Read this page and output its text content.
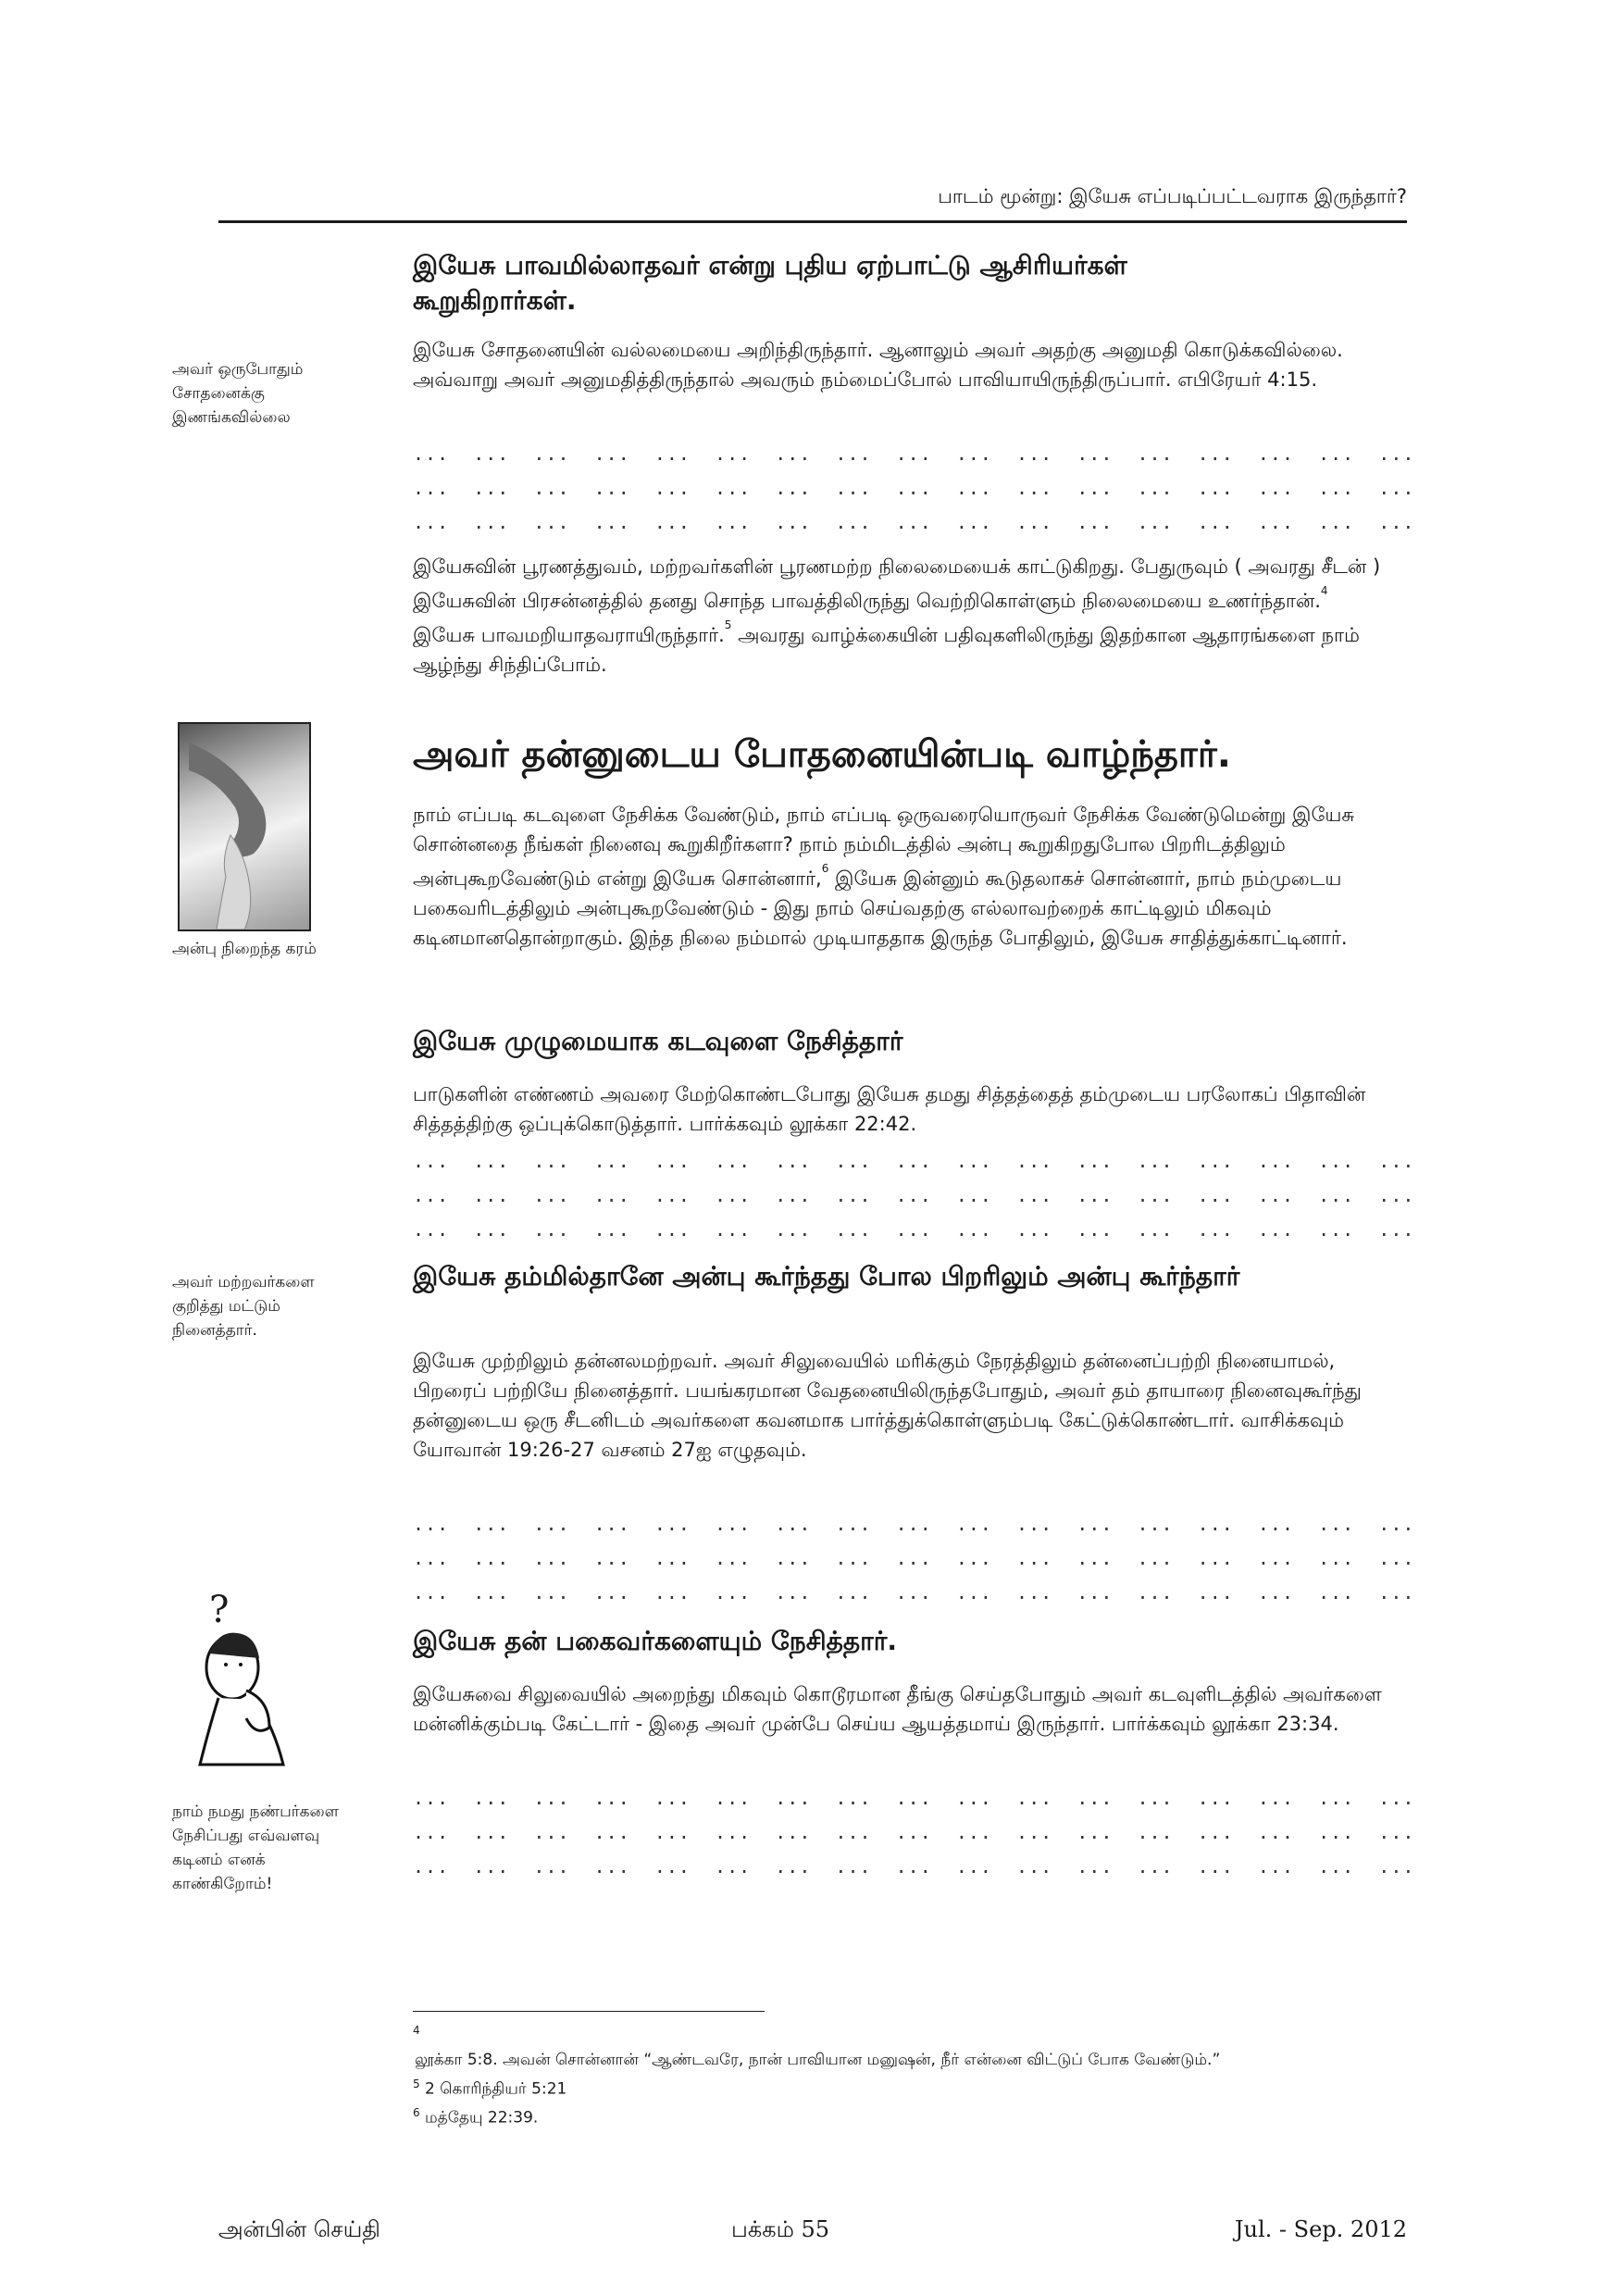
பாடம் மூன்று: இயேசு எப்படிப்பட்டவராக இருந்தார்?

இயேசு பாவமில்லாதவர் என்று புதிய ஏற்பாட்டு ஆசிரியர்கள் கூறுகிறார்கள்.

இயேசு சோதனையின் வல்லமையை அறிந்திருந்தார். ஆனாலும் அவர் அதற்கு அனுமதி கொடுக்கவில்லை. அவ்வாறு அவர் அனுமதித்திருந்தால் அவரும் நம்மைப்போல் பாவியாயிருந்திருப்பார். எபிரேயர் 4:15.

...  ...  ...  ...  ...  ...  ...  ...  ...  ...  ...  ...  ...  ...  ...  ...  ...
...  ...  ...  ...  ...  ...  ...  ...  ...  ...  ...  ...  ...  ...  ...  ...  ...
...  ...  ...  ...  ...  ...  ...  ...  ...  ...  ...  ...  ...  ...  ...  ...  ...

இயேசுவின் பூரணத்துவம், மற்றவர்களின் பூரணமற்ற நிலைமையைக் காட்டுகிறது. பேதுருவும் ( அவரது சீடன் ) இயேசுவின் பிரசன்னத்தில் தனது சொந்த பாவத்திலிருந்து வெற்றிகொள்ளும் நிலைமையை உணர்ந்தான்.$^4$ இயேசு பாவமறியாதவராயிருந்தார்.$^5$ அவரது வாழ்க்கையின் பதிவுகளிலிருந்து இதற்கான ஆதாரங்களை நாம் ஆழ்ந்து சிந்திப்போம்.

அவர் தன்னுடைய போதனையின்படி வாழ்ந்தார்.

நாம் எப்படி கடவுளை நேசிக்க வேண்டும், நாம் எப்படி ஒருவரையொருவர் நேசிக்க வேண்டுமென்று இயேசு சொன்னதை நீங்கள் நினைவு கூறுகிறீர்களா? நாம் நம்மிடத்தில் அன்பு கூறுகிறதுபோல பிறரிடத்திலும் அன்புகூறவேண்டும் என்று இயேசு சொன்னார்,$^6$ இயேசு இன்னும் கூடுதலாகச் சொன்னார், நாம் நம்முடைய பகைவரிடத்திலும் அன்புகூறவேண்டும் - இது நாம் செய்வதற்கு எல்லாவற்றைக் காட்டிலும் மிகவும் கடினமானதொன்றாகும். இந்த நிலை நம்மால் முடியாததாக இருந்த போதிலும், இயேசு சாதித்துக்காட்டினார்.

இயேசு முழுமையாக கடவுளை நேசித்தார்

பாடுகளின் எண்ணம் அவரை மேற்கொண்டபோது இயேசு தமது சித்தத்தைத் தம்முடைய பரலோகப் பிதாவின் சித்தத்திற்கு ஒப்புக்கொடுத்தார். பார்க்கவும் லூக்கா 22:42.

...  ...  ...  ...  ...  ...  ...  ...  ...  ...  ...  ...  ...  ...  ...  ...  ...
...  ...  ...  ...  ...  ...  ...  ...  ...  ...  ...  ...  ...  ...  ...  ...  ...
...  ...  ...  ...  ...  ...  ...  ...  ...  ...  ...  ...  ...  ...  ...  ...  ...

இயேசு தம்மில்தானே அன்பு கூர்ந்தது போல பிறரிலும் அன்பு கூர்ந்தார்

இயேசு முற்றிலும் தன்னலமற்றவர். அவர் சிலுவையில் மரிக்கும் நேரத்திலும் தன்னைப்பற்றி நினையாமல், பிறரைப் பற்றியே நினைத்தார். பயங்கரமான வேதனையிலிருந்தபோதும், அவர் தம் தாயாரை நினைவுகூர்ந்து தன்னுடைய ஒரு சீடனிடம் அவர்களை கவனமாக பார்த்துக்கொள்ளும்படி கேட்டுக்கொண்டார். வாசிக்கவும் யோவான் 19:26-27 வசனம் 27ஐ எழுதவும்.

...  ...  ...  ...  ...  ...  ...  ...  ...  ...  ...  ...  ...  ...  ...  ...  ...
...  ...  ...  ...  ...  ...  ...  ...  ...  ...  ...  ...  ...  ...  ...  ...  ...
...  ...  ...  ...  ...  ...  ...  ...  ...  ...  ...  ...  ...  ...  ...  ...  ...

இயேசு தன் பகைவர்களையும் நேசித்தார்.

இயேசுவை சிலுவையில் அறைந்து மிகவும் கொடூரமான தீங்கு செய்தபோதும் அவர் கடவுளிடத்தில் அவர்களை மன்னிக்கும்படி கேட்டார் - இதை அவர் முன்பே செய்ய ஆயத்தமாய் இருந்தார். பார்க்கவும் லூக்கா 23:34.

...  ...  ...  ...  ...  ...  ...  ...  ...  ...  ...  ...  ...  ...  ...  ...  ...
...  ...  ...  ...  ...  ...  ...  ...  ...  ...  ...  ...  ...  ...  ...  ...  ...
...  ...  ...  ...  ...  ...  ...  ...  ...  ...  ...  ...  ...  ...  ...  ...  ...
அவர் ஒருபோதும் சோதனைக்கு இணங்கவில்லை
அன்பு நிறைந்த கரம்
அவர் மற்றவர்களை குறித்து மட்டும் நினைத்தார்.
?
நாம் நமது நண்பர்களை நேசிப்பது எவ்வளவு கடினம் எனக் காண்கிறோம்!
$^4$
லூக்கா 5:8. அவன் சொன்னான் “ஆண்டவரே, நான் பாவியான மனுஷன், நீர் என்னை விட்டுப் போக வேண்டும்.”
$^5$ 2 கொரிந்தியர் 5:21
$^6$ மத்தேயு 22:39.
அன்பின் செய்தி	பக்கம் 55	Jul. - Sep. 2012
